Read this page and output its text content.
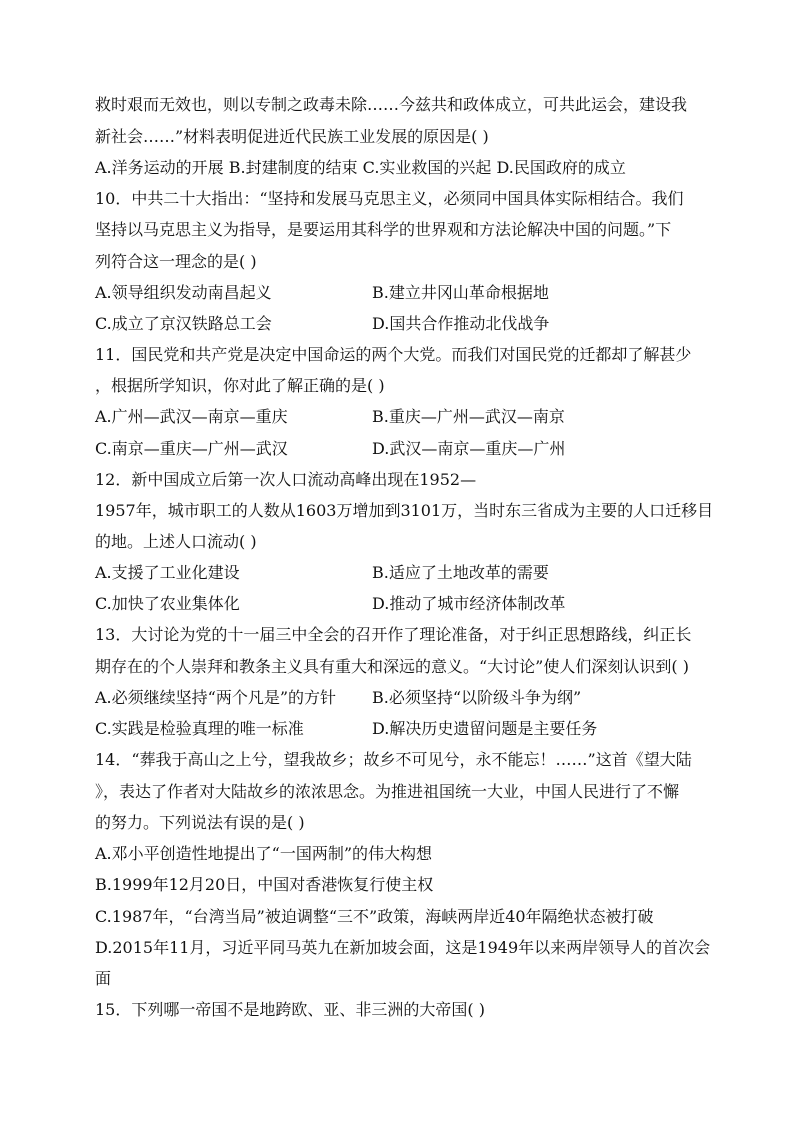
救时艰而无效也，则以专制之政毒未除……今兹共和政体成立，可共此运会，建设我
新社会……”材料表明促进近代民族工业发展的原因是( )
A.洋务运动的开展 B.封建制度的结束 C.实业救国的兴起 D.民国政府的成立
10．中共二十大指出：“坚持和发展马克思主义，必须同中国具体实际相结合。我们
坚持以马克思主义为指导，是要运用其科学的世界观和方法论解决中国的问题。”下
列符合这一理念的是( )
A.领导组织发动南昌起义	B.建立井冈山革命根据地
C.成立了京汉铁路总工会	D.国共合作推动北伐战争
11．国民党和共产党是决定中国命运的两个大党。而我们对国民党的迁都却了解甚少
，根据所学知识，你对此了解正确的是( )
A.广州—武汉—南京—重庆	B.重庆—广州—武汉—南京
C.南京—重庆—广州—武汉	D.武汉—南京—重庆—广州
12．新中国成立后第一次人口流动高峰出现在1952—
1957年，城市职工的人数从1603万增加到3101万，当时东三省成为主要的人口迁移目
的地。上述人口流动( )
A.支援了工业化建设	B.适应了土地改革的需要
C.加快了农业集体化	D.推动了城市经济体制改革
13．大讨论为党的十一届三中全会的召开作了理论准备，对于纠正思想路线，纠正长
期存在的个人崇拜和教条主义具有重大和深远的意义。“大讨论”使人们深刻认识到( )
A.必须继续坚持“两个凡是”的方针 B.必须坚持“以阶级斗争为纲”
C.实践是检验真理的唯一标准	D.解决历史遗留问题是主要任务
14．“葬我于高山之上兮，望我故乡；故乡不可见兮，永不能忘！……”这首《望大陆
》，表达了作者对大陆故乡的浓浓思念。为推进祖国统一大业，中国人民进行了不懈
的努力。下列说法有误的是( )
A.邓小平创造性地提出了“一国两制”的伟大构想
B.1999年12月20日，中国对香港恢复行使主权
C.1987年，“台湾当局”被迫调整“三不”政策，海峡两岸近40年隔绝状态被打破
D.2015年11月，习近平同马英九在新加坡会面，这是1949年以来两岸领导人的首次会
面
15．下列哪一帝国不是地跨欧、亚、非三洲的大帝国( )
